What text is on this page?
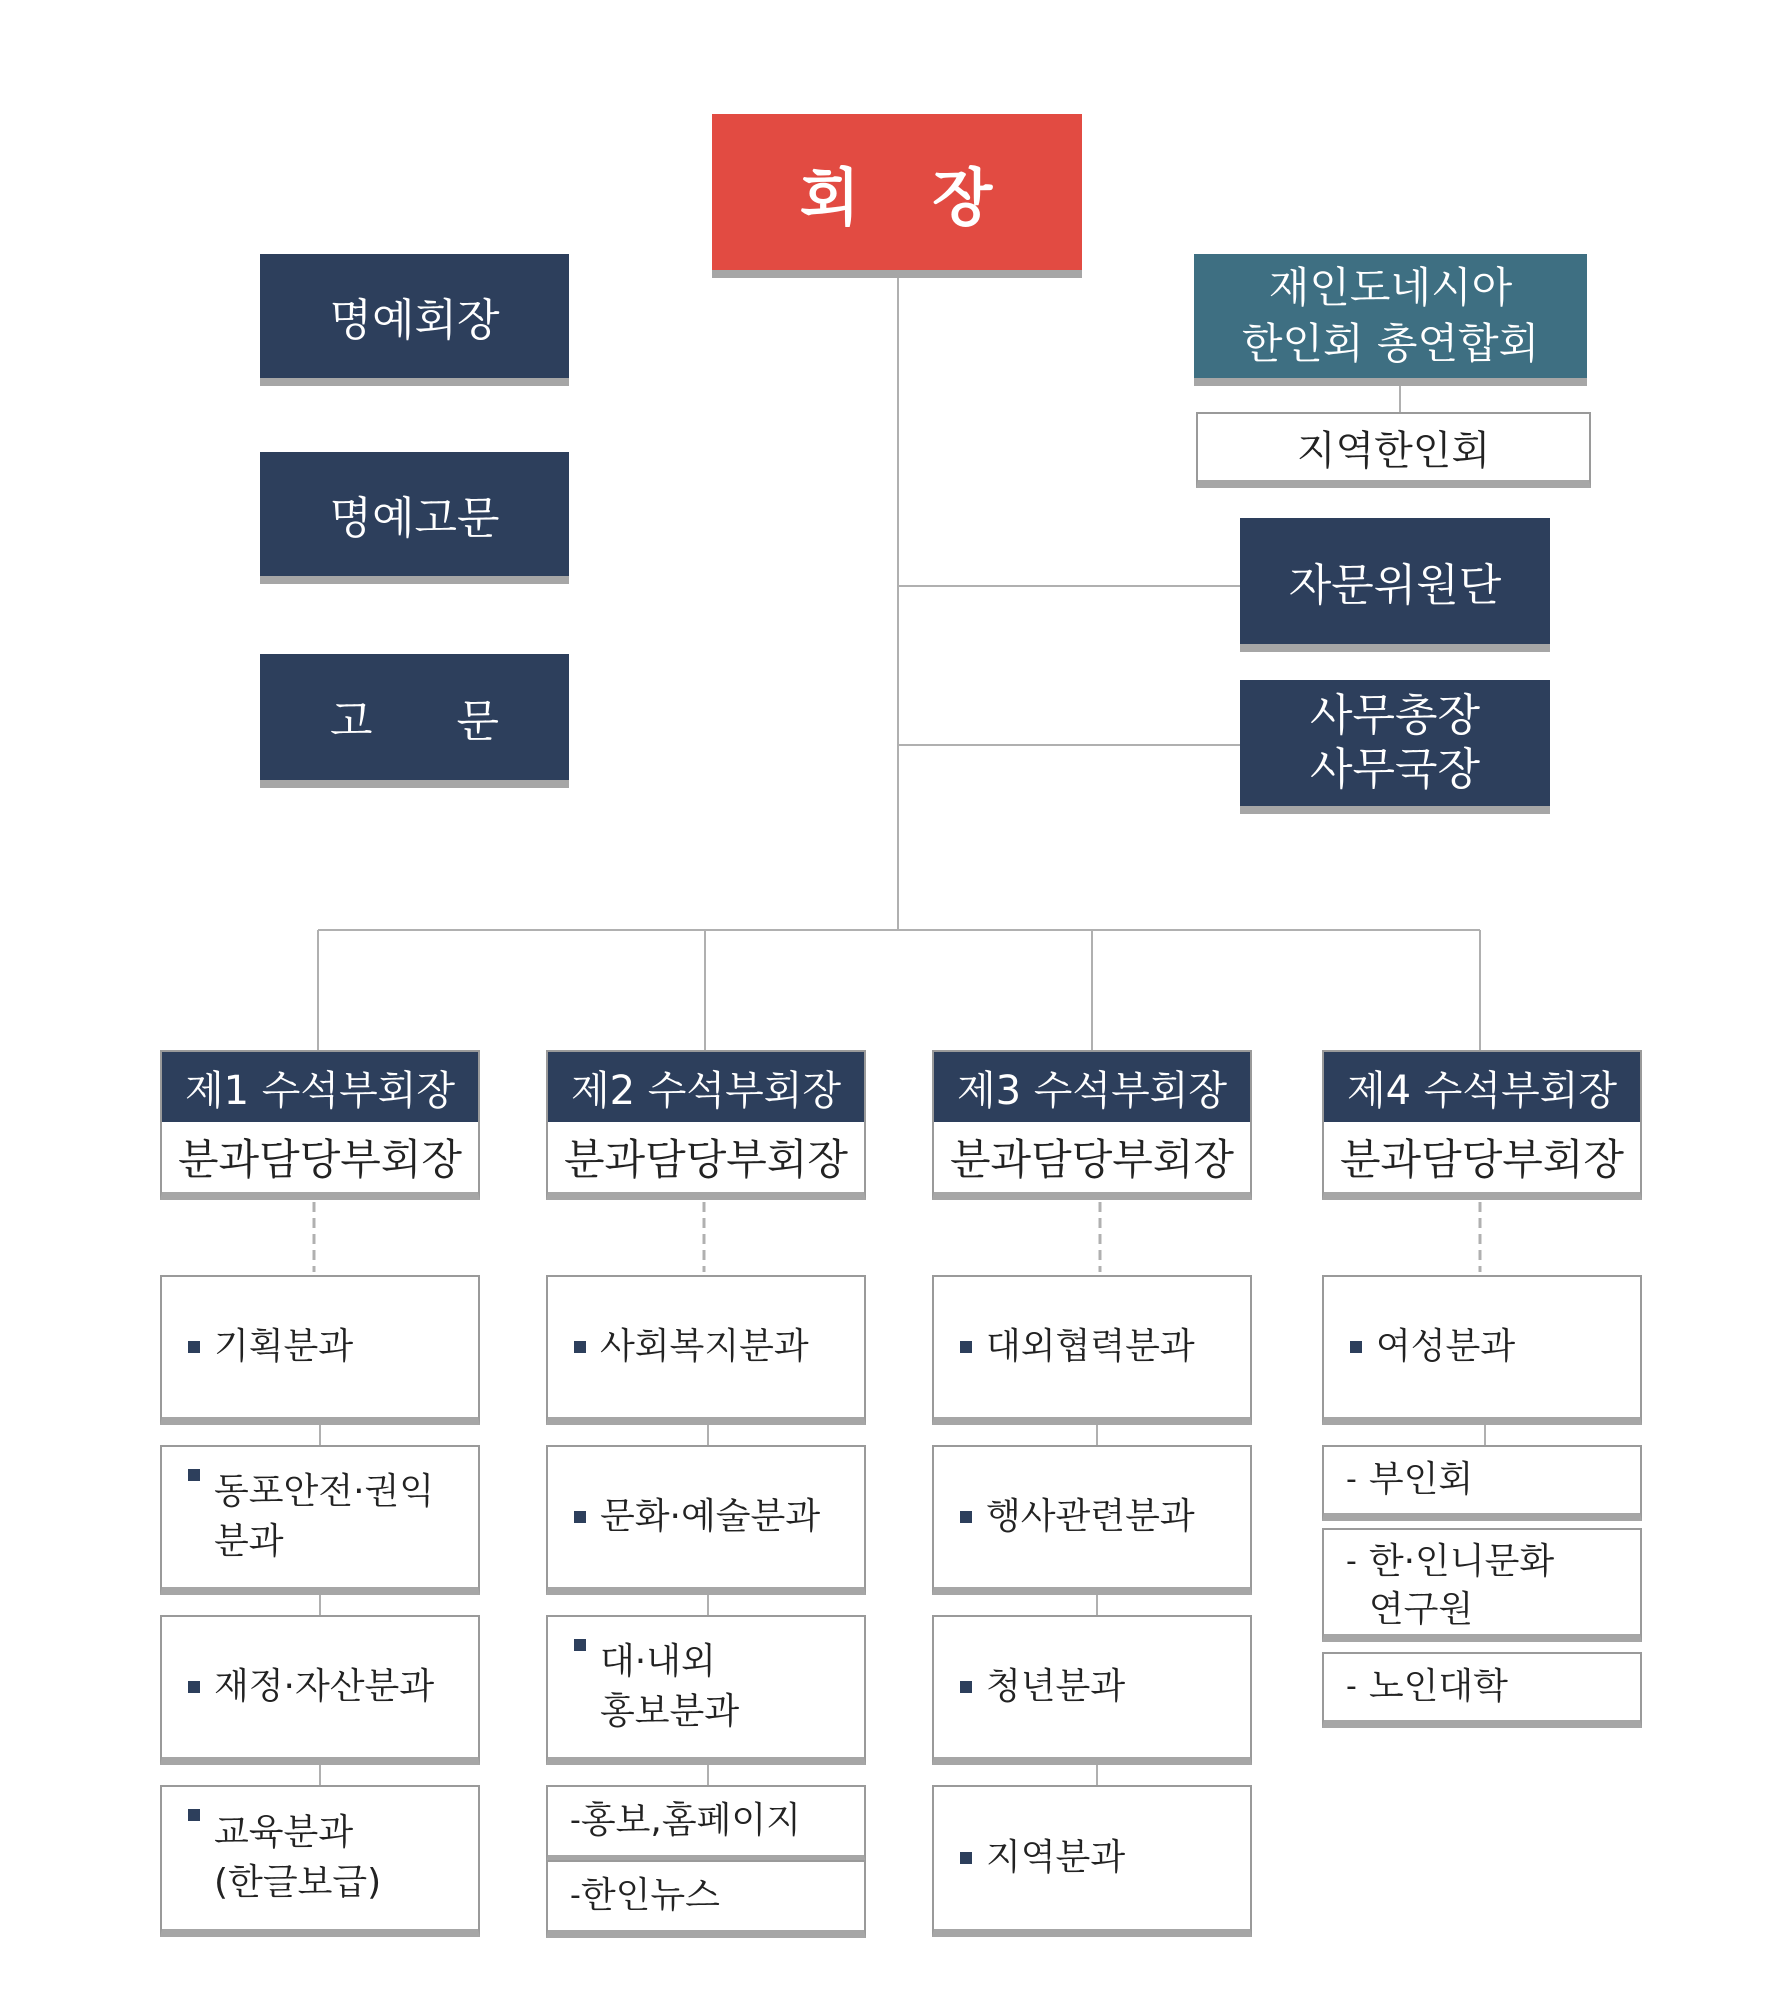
회   장
명예회장
명예고문
고      문
재인도네시아
한인회 총연합회
지역한인회
자문위원단
사무총장
사무국장
제1 수석부회장
분과담당부회장
제2 수석부회장
분과담당부회장
제3 수석부회장
분과담당부회장
제4 수석부회장
분과담당부회장
기획분과
동포안전·권익
분과
재정·자산분과
교육분과
(한글보급)
사회복지분과
문화·예술분과
대·내외
홍보분과
- 홍보,홈페이지
- 한인뉴스
대외협력분과
행사관련분과
청년분과
지역분과
여성분과
- 부인회
- 한·인니문화
연구원
- 노인대학
